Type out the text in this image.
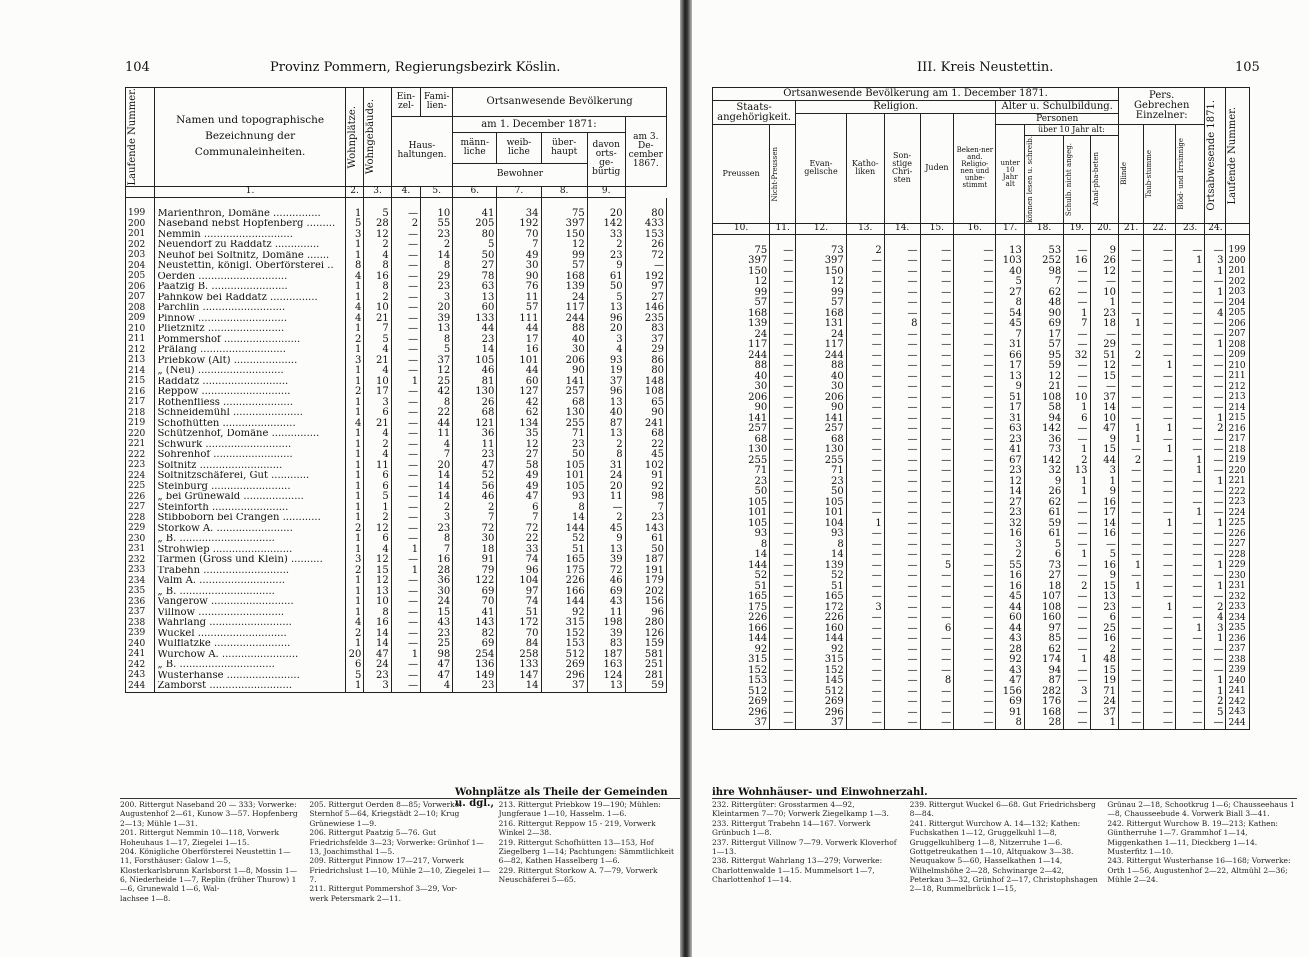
104	Provinz Pommern, Regierungsbezirk Köslin.
Laufende Nummer.	Namen und topographische Bezeichnung der Communaleinheiten.	Wohnplätze.	Wohngebäude.	Ein-zel-	Fami-lien-	Ortsanwesende Bevölkerung				
				Haus-haltungen.		am 1. December 1871:				am 3. De-cember 1867.
						männ-liche	weib-liche	über-haupt	davon orts-ge-bürtig	
						Bewohner				
	1.	2.	3.	4.	5.	6.	7.	8.	9.	

199	Marienthron, Domäne ...............	1	5	—	10	41	34	75	20	80
200	Naseband nebst Hopfenberg .........	5	28	2	55	205	192	397	142	433
201	Nemmin ............................	3	12	—	23	80	70	150	33	153
202	Neuendorf zu Raddatz ..............	1	2	—	2	5	7	12	2	26
203	Neuhof bei Soltnitz, Domäne .......	1	4	—	14	50	49	99	23	72
204	Neustettin, königl. Oberförsterei ..	8	8	—	8	27	30	57	9	—
205	Oerden ............................	4	16	—	29	78	90	168	61	192
206	Paatzig B. ........................	1	8	—	23	63	76	139	50	97
207	Pahnkow bei Raddatz ...............	1	2	—	3	13	11	24	5	27
208	Parchlin ..........................	4	10	—	20	60	57	117	13	146
209	Pinnow ............................	4	21	—	39	133	111	244	96	235
210	Plietznitz ........................	1	7	—	13	44	44	88	20	83
211	Pommershof ........................	2	5	—	8	23	17	40	3	37
212	Prälang ...........................	1	4	—	5	14	16	30	4	29
213	Priebkow (Alt) ....................	3	21	—	37	105	101	206	93	86
214	„ (Neu) ...........................	1	4	—	12	46	44	90	19	80
215	Raddatz ...........................	1	10	1	25	81	60	141	37	148
216	Reppow ............................	2	17	—	42	130	127	257	96	108
217	Rothenfliess ......................	1	3	—	8	26	42	68	13	65
218	Schneidemühl ......................	1	6	—	22	68	62	130	40	90
219	Schofhütten .......................	4	21	—	44	121	134	255	87	241
220	Schützenhof, Domäne ...............	1	4	—	11	36	35	71	13	68
221	Schwurk ...........................	1	2	—	4	11	12	23	2	22
222	Sohrenhof .........................	1	4	—	7	23	27	50	8	45
223	Soltnitz ..........................	1	11	—	20	47	58	105	31	102
224	Soltnitzschäferei, Gut ............	1	6	—	14	52	49	101	24	91
225	Steinburg .........................	1	6	—	14	56	49	105	20	92
226	„ bei Grünewald ...................	1	5	—	14	46	47	93	11	98
227	Steinforth ........................	1	1	—	2	2	6	8	—	7
228	Stibboborn bei Crangen ............	1	2	—	3	7	7	14	2	23
229	Storkow A. ........................	2	12	—	23	72	72	144	45	143
230	„ B. ..............................	1	6	—	8	30	22	52	9	61
231	Strohwiep .........................	1	4	1	7	18	33	51	13	50
232	Tarmen (Gross und Klein) ..........	3	12	—	16	91	74	165	39	187
233	Trabehn ...........................	2	15	1	28	79	96	175	72	191
234	Valm A. ...........................	1	12	—	36	122	104	226	46	179
235	„ B. ..............................	1	13	—	30	69	97	166	69	202
236	Vangerow ..........................	1	10	—	24	70	74	144	43	156
237	Villnow ...........................	1	8	—	15	41	51	92	11	96
238	Wahrlang ..........................	4	16	—	43	143	172	315	198	280
239	Wuckel ............................	2	14	—	23	82	70	152	39	126
240	Wulflatzke ........................	1	14	—	25	69	84	153	83	159
241	Wurchow A. ........................	20	47	1	98	254	258	512	187	581
242	„ B. ..............................	6	24	—	47	136	133	269	163	251
243	Wusterhanse .......................	5	23	—	47	149	147	296	124	281
244	Zamborst ..........................	1	3	—	4	23	14	37	13	59
Wohnplätze als Theile der Gemeinden u. dgl.,

200. Rittergut Naseband 20 — 333; Vorwerke: Augustenhof 2—61, Kunow 3—57. Hopfenberg 2—13; Mühle 1—31.

201. Rittergut Nemmin 10—118, Vorwerk Hoheuhaus 1—17, Ziegelei 1—15.

204. Königliche Oberförsterei Neustettin 1—11, Forsthäuser: Galow 1—5, Klosterkarlsbrunn Karlsborst 1—8, Mossin 1—6, Niederheide 1—7, Replin (früher Thurow) 1—6, Grunewald 1—6, Wal-

lachsee 1—8.

205. Rittergut Oerden 8—85; Vorwerke: Sternhof 5—64, Kriegstädt 2—10; Krug Grünewiese 1—9.

206. Rittergut Paatzig 5—76. Gut Friedrichsfelde 3—23; Vorwerke: Grünhof 1—13, Joachimsthal 1—5.

209. Rittergut Pinnow 17—217, Vorwerk Friedrichslust 1—10, Mühle 2—10, Ziegelei 1—7.

211. Rittergut Pommershof 3—29, Vor-

werk Petersmark 2—11.

213. Rittergut Priebkow 19—190; Mühlen: Jungferaue 1—10, Hasselm. 1—6.

216. Rittergut Reppow 15 - 219, Vorwerk Winkel 2—38.

219. Rittergut Schofhütten 13—153, Hof Ziegelberg 1—14; Pachtungen: Sämmtlichkeit 6—82, Kathen Hasselberg 1—6.

229. Rittergut Storkow A. 7—79, Vorwerk Neuschäferei 5—65.

III. Kreis Neustettin.	105
Ortsanwesende Bevölkerung am 1. December 1871.											Pers. Gebrechen Einzelner:			Ortsabwesende 1871.	Laufende Nummer.

Staats-angehörigkeit.		Religion.					Alter u. Schulbildung.								
		Evan-gelische	Katho-liken	Son-stige Chri-sten	Juden	Beken-ner and. Religio-nen und unbe-stimmt	Personen								
Preussen	Nicht-Preussen						unter 10 Jahr alt	über 10 Jahr alt:			Blinde	Taub-stumme	Blöd- und Irrsinnige		

								können lesen u. schreib.	Schulb. nicht angeg.	Anal-pha-beten					

10.	11.	12.	13.	14.	15.	16.	17.	18.	19.	20.	21.	22.	23.	24.	

75	—	73	2	—	—	—	13	53	—	9	—	—	—	—	199
397	—	397	—	—	—	—	103	252	16	26	—	—	1	3	200
150	—	150	—	—	—	—	40	98	—	12	—	—	—	1	201
12	—	12	—	—	—	—	5	7	—	—	—	—	—	—	202
99	—	99	—	—	—	—	27	62	—	10	—	—	—	1	203
57	—	57	—	—	—	—	8	48	—	1	—	—	—	—	204
168	—	168	—	—	—	—	54	90	1	23	—	—	—	4	205
139	—	131	—	8	—	—	45	69	7	18	1	—	—	—	206
24	—	24	—	—	—	—	7	17	—	—	—	—	—	—	207
117	—	117	—	—	—	—	31	57	—	29	—	—	—	1	208
244	—	244	—	—	—	—	66	95	32	51	2	—	—	—	209
88	—	88	—	—	—	—	17	59	—	12	—	1	—	—	210
40	—	40	—	—	—	—	13	12	—	15	—	—	—	—	211
30	—	30	—	—	—	—	9	21	—	—	—	—	—	—	212
206	—	206	—	—	—	—	51	108	10	37	—	—	—	—	213
90	—	90	—	—	—	—	17	58	1	14	—	—	—	—	214
141	—	141	—	—	—	—	31	94	6	10	—	—	—	1	215
257	—	257	—	—	—	—	63	142	—	47	1	1	—	2	216
68	—	68	—	—	—	—	23	36	—	9	1	—	—	—	217
130	—	130	—	—	—	—	41	73	1	15	—	1	—	—	218
255	—	255	—	—	—	—	67	142	2	44	2	—	1	—	219
71	—	71	—	—	—	—	23	32	13	3	—	—	1	—	220
23	—	23	—	—	—	—	12	9	1	1	—	—	—	1	221
50	—	50	—	—	—	—	14	26	1	9	—	—	—	—	222
105	—	105	—	—	—	—	27	62	—	16	—	—	—	—	223
101	—	101	—	—	—	—	23	61	—	17	—	—	1	—	224
105	—	104	1	—	—	—	32	59	—	14	—	1	—	1	225
93	—	93	—	—	—	—	16	61	—	16	—	—	—	—	226
8	—	8	—	—	—	—	3	5	—	—	—	—	—	—	227
14	—	14	—	—	—	—	2	6	1	5	—	—	—	—	228
144	—	139	—	—	5	—	55	73	—	16	1	—	—	1	229
52	—	52	—	—	—	—	16	27	—	9	—	—	—	—	230
51	—	51	—	—	—	—	16	18	2	15	1	—	—	1	231
165	—	165	—	—	—	—	45	107	—	13	—	—	—	—	232
175	—	172	3	—	—	—	44	108	—	23	—	1	—	2	233
226	—	226	—	—	—	—	60	160	—	6	—	—	—	4	234
166	—	160	—	—	6	—	44	97	—	25	—	—	1	3	235
144	—	144	—	—	—	—	43	85	—	16	—	—	—	1	236
92	—	92	—	—	—	—	28	62	—	2	—	—	—	—	237
315	—	315	—	—	—	—	92	174	1	48	—	—	—	—	238
152	—	152	—	—	—	—	43	94	—	15	—	—	—	—	239
153	—	145	—	—	8	—	47	87	—	19	—	—	—	1	240
512	—	512	—	—	—	—	156	282	3	71	—	—	—	1	241
269	—	269	—	—	—	—	69	176	—	24	—	—	—	2	242
296	—	296	—	—	—	—	91	168	—	37	—	—	—	5	243
37	—	37	—	—	—	—	8	28	—	1	—	—	—	—	244
ihre Wohnhäuser- und Einwohnerzahl.

232. Rittergüter: Grosstarmen 4—92, Kleintarmen 7—70; Vorwerk Ziegelkamp 1—3.

233. Rittergut Trabehn 14—167. Vorwerk Grünbuch 1—8.

237. Rittergut Villnow 7—79. Vorwerk Kloverhof 1—13.

238. Rittergut Wahrlang 13—279; Vorwerke: Charlottenwalde 1—15. Mummelsort 1—7, Charlottenhof 1—14.

239. Rittergut Wuckel 6—68. Gut Friedrichsberg 8—84.

241. Rittergut Wurchow A. 14—132; Kathen: Fuchskathen 1—12, Gruggelkuhl 1—8, Gruggelkuhlberg 1—8, Nitzerruhe 1—6. Gottgetreukathen 1—10, Altquakow 3—38. Neuquakow 5—60, Hasselkathen 1—14, Wilhelmshöhe 2—28, Schwinarge 2—42, Peterkau 3—32, Grünhof 2—17, Christophshagen 2—18, Rummelbrück 1—15,

Grünau 2—18, Schootkrug 1—6; Chausseehaus 1—8, Chausseebude 4. Vorwerk Biall 3—41.

242. Rittergut Wurchow B. 19—213; Kathen: Güntherruhe 1—7. Grammhof 1—14, Miggenkathen 1—11, Dieckberg 1—14. Musterfitz 1—10.

243. Rittergut Wusterhanse 16—168; Vorwerke: Orth 1—56, Augustenhof 2—22, Altmühl 2—36; Mühle 2—24.
